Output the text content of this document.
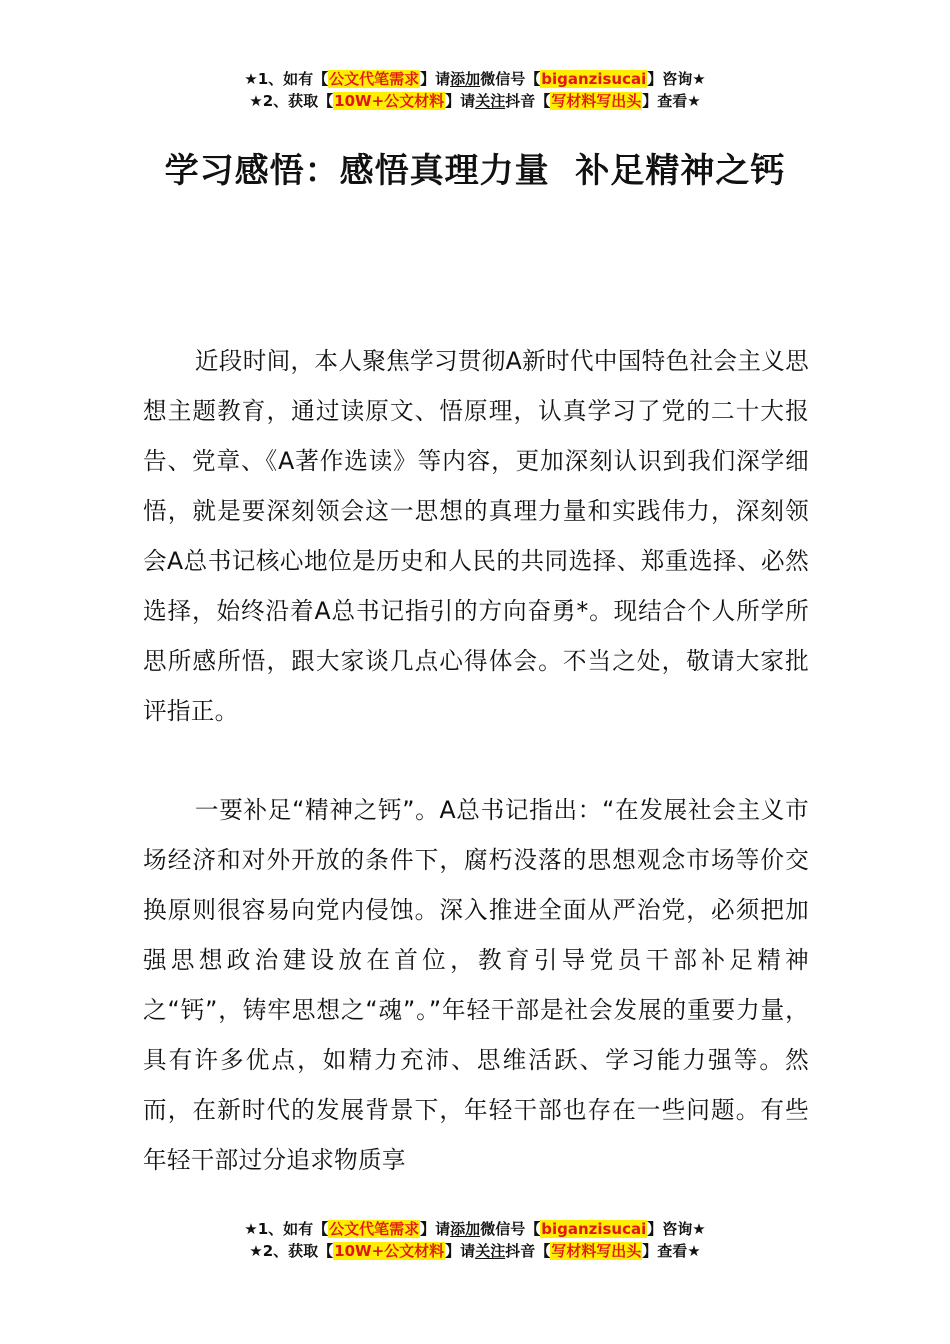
★1、如有【公文代笔需求】请添加微信号【biganzisucai】咨询★
★2、获取【10W+公文材料】请关注抖音【写材料写出头】查看★
学习感悟：感悟真理力量  补足精神之钙

近段时间，本人聚焦学习贯彻A新时代中国特色社会主义思想主题教育，通过读原文、悟原理，认真学习了党的二十大报告、党章、《A著作选读》等内容，更加深刻认识到我们深学细悟，就是要深刻领会这一思想的真理力量和实践伟力，深刻领会A总书记核心地位是历史和人民的共同选择、郑重选择、必然选择，始终沿着A总书记指引的方向奋勇*。现结合个人所学所思所感所悟，跟大家谈几点心得体会。不当之处，敬请大家批评指正。

一要补足“精神之钙”。A总书记指出：“在发展社会主义市场经济和对外开放的条件下，腐朽没落的思想观念市场等价交换原则很容易向党内侵蚀。深入推进全面从严治党，必须把加强思想政治建设放在首位，教育引导党员干部补足精神之“钙”，铸牢思想之“魂”。”年轻干部是社会发展的重要力量，具有许多优点，如精力充沛、思维活跃、学习能力强等。然而，在新时代的发展背景下，年轻干部也存在一些问题。有些年轻干部过分追求物质享

★1、如有【公文代笔需求】请添加微信号【biganzisucai】咨询★
★2、获取【10W+公文材料】请关注抖音【写材料写出头】查看★
